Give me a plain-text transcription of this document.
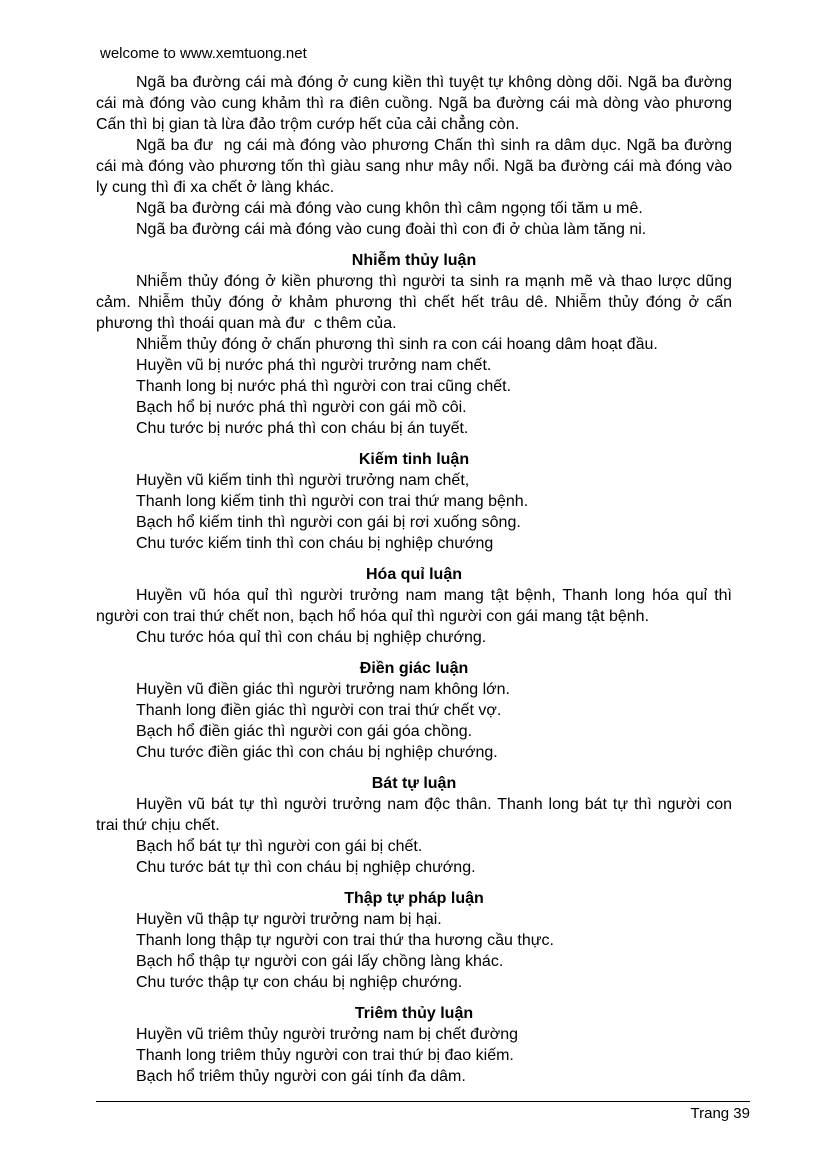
welcome to www.xemtuong.net

Ngã ba đường cái mà đóng ở cung kiền thì tuyệt tự không dòng dõi. Ngã ba đường cái mà đóng vào cung khảm thì ra điên cuồng. Ngã ba đường cái mà dòng vào phương Cấn thì bị gian tà lừa đảo trộm cướp hết của cải chẳng còn.

Ngã ba đư  ng cái mà đóng vào phương Chấn thì sinh ra dâm dục. Ngã ba đường cái mà đóng vào phương tốn thì giàu sang như mây nổi. Ngã ba đường cái mà đóng vào ly cung thì đi xa chết ở làng khác.

Ngã ba đường cái mà đóng vào cung khôn thì câm ngọng tối tăm u mê.

Ngã ba đường cái mà đóng vào cung đoài thì con đi ở chùa làm tăng ni.

Nhiễm thủy luận

Nhiễm thủy đóng ở kiền phương thì người ta sinh ra mạnh mẽ và thao lược dũng cảm. Nhiễm thủy đóng ở khảm phương thì chết hết trâu dê. Nhiễm thủy đóng ở cấn phương thì thoái quan mà đư  c thêm của.

Nhiễm thủy đóng ở chấn phương thì sinh ra con cái hoang dâm hoạt đầu.

Huyền vũ bị nước phá thì người trưởng nam chết.

Thanh long bị nước phá thì người con trai cũng chết.

Bạch hổ bị nước phá thì người con gái mồ côi.

Chu tước bị nước phá thì con cháu bị án tuyết.

Kiếm tinh luận

Huyền vũ kiếm tinh thì người trưởng nam chết,

Thanh long kiếm tinh thì người con trai thứ mang bệnh.

Bạch hổ kiếm tinh thì người con gái bị rơi xuống sông.

Chu tước kiếm tinh thì con cháu bị nghiệp chướng

Hóa quỉ luận

Huyền vũ hóa quỉ thì người trưởng nam mang tật bệnh, Thanh long hóa quỉ thì người con trai thứ chết non, bạch hổ hóa quỉ thì người con gái mang tật bệnh.

Chu tước hóa quỉ thì con cháu bị nghiệp chướng.

Điền giác luận

Huyền vũ điền giác thì người trưởng nam không lớn.

Thanh long điền giác thì người con trai thứ chết vợ.

Bạch hổ điền giác thì người con gái góa chồng.

Chu tước điền giác thì con cháu bị nghiệp chướng.

Bát tự luận

Huyền vũ bát tự thì người trưởng nam độc thân. Thanh long bát tự thì người con trai thứ chịu chết.

Bạch hổ bát tự thì người con gái bị chết.

Chu tước bát tự thì con cháu bị nghiệp chướng.

Thập tự pháp luận

Huyền vũ thập tự người trưởng nam bị hại.

Thanh long thập tự người con trai thứ tha hương cầu thực.

Bạch hổ thập tự người con gái lấy chồng làng khác.

Chu tước thập tự con cháu bị nghiệp chướng.

Triêm thủy luận

Huyền vũ triêm thủy người trưởng nam bị chết đường

Thanh long triêm thủy người con trai thứ bị đao kiếm.

Bạch hổ triêm thủy người con gái tính đa dâm.

Trang 39
